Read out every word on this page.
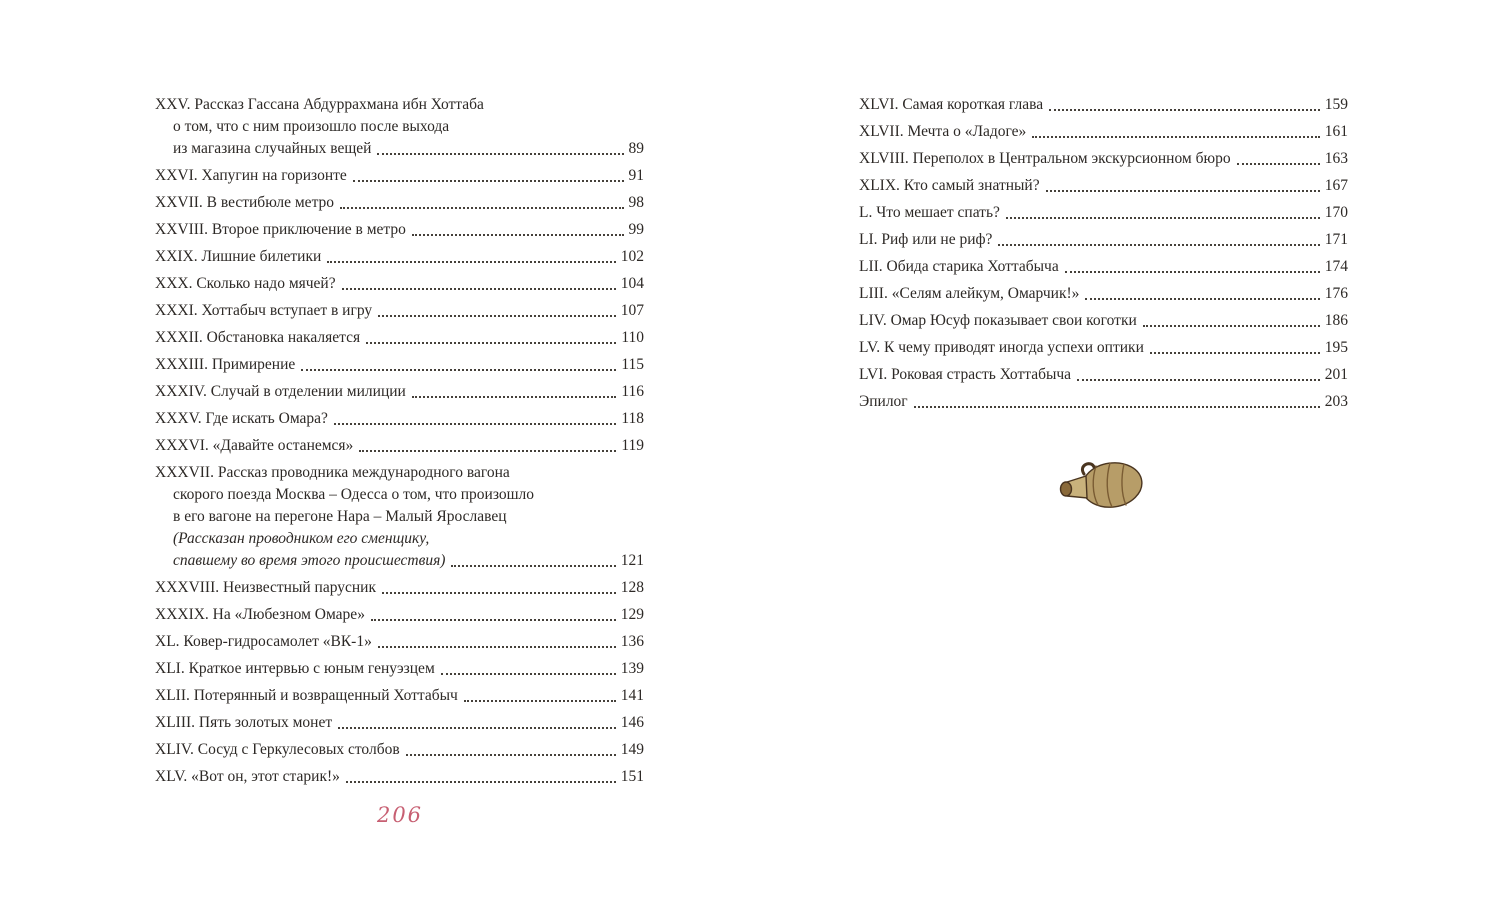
XXV. Рассказ Гассана Абдуррахмана ибн Хоттаба
о том, что с ним произошло после выхода
из магазина случайных вещей	89
XXVI. Хапугин на горизонте	91
XXVII. В вестибюле метро	98
XXVIII. Второе приключение в метро	99
XXIX. Лишние билетики	102
XXX. Сколько надо мячей?	104
XXXI. Хоттабыч вступает в игру	107
XXXII. Обстановка накаляется	110
XXXIII. Примирение	115
XXXIV. Случай в отделении милиции	116
XXXV. Где искать Омара?	118
XXXVI. «Давайте останемся»	119
XXXVII. Рассказ проводника международного вагона
скорого поезда Москва – Одесса о том, что произошло
в его вагоне на перегоне Нара – Малый Ярославец
(Рассказан проводником его сменщику,
спавшему во время этого происшествия)	121
XXXVIII. Неизвестный парусник	128
XXXIX. На «Любезном Омаре»	129
XL. Ковер-гидросамолет «ВК-1»	136
XLI. Краткое интервью с юным генуэзцем	139
XLII. Потерянный и возвращенный Хоттабыч	141
XLIII. Пять золотых монет	146
XLIV. Сосуд с Геркулесовых столбов	149
XLV. «Вот он, этот старик!»	151
XLVI. Самая короткая глава	159
XLVII. Мечта о «Ладоге»	161
XLVIII. Переполох в Центральном экскурсионном бюро	163
XLIX. Кто самый знатный?	167
L. Что мешает спать?	170
LI. Риф или не риф?	171
LII. Обида старика Хоттабыча	174
LIII. «Селям алейкум, Омарчик!»	176
LIV. Омар Юсуф показывает свои коготки	186
LV. К чему приводят иногда успехи оптики	195
LVI. Роковая страсть Хоттабыча	201
Эпилог	203
206
